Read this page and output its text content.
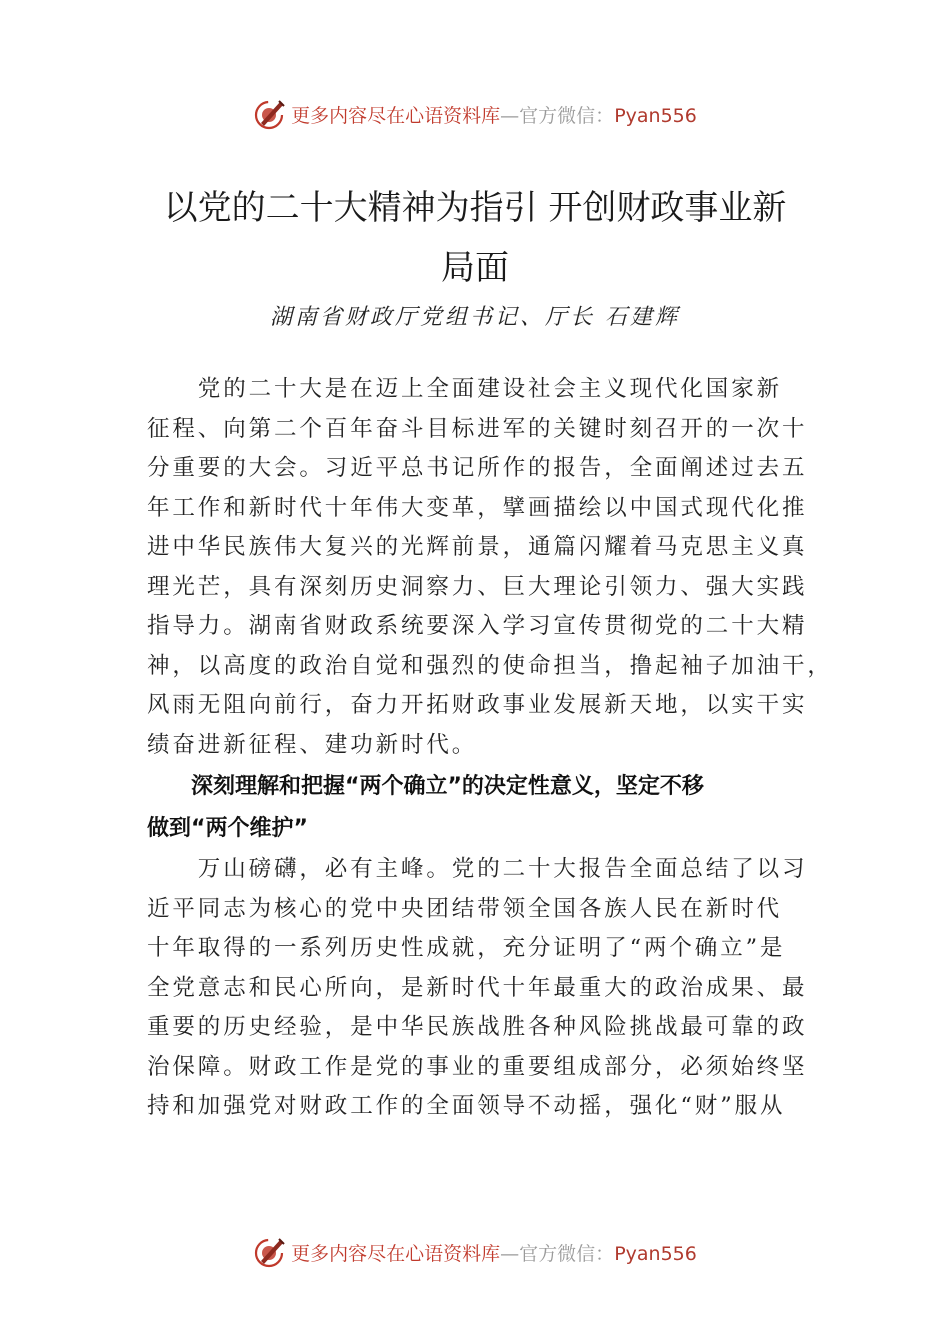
更多内容尽在心语资料库—官方微信：Pyan556
以党的二十大精神为指引 开创财政事业新
局面
湖南省财政厅党组书记、厅长 石建辉
　　党的二十大是在迈上全面建设社会主义现代化国家新
征程、向第二个百年奋斗目标进军的关键时刻召开的一次十
分重要的大会。习近平总书记所作的报告，全面阐述过去五
年工作和新时代十年伟大变革，擘画描绘以中国式现代化推
进中华民族伟大复兴的光辉前景，通篇闪耀着马克思主义真
理光芒，具有深刻历史洞察力、巨大理论引领力、强大实践
指导力。湖南省财政系统要深入学习宣传贯彻党的二十大精
神，以高度的政治自觉和强烈的使命担当，撸起袖子加油干，
风雨无阻向前行，奋力开拓财政事业发展新天地，以实干实
绩奋进新征程、建功新时代。
　　深刻理解和把握“两个确立”的决定性意义，坚定不移
做到“两个维护”
　　万山磅礴，必有主峰。党的二十大报告全面总结了以习
近平同志为核心的党中央团结带领全国各族人民在新时代
十年取得的一系列历史性成就，充分证明了“两个确立”是
全党意志和民心所向，是新时代十年最重大的政治成果、最
重要的历史经验，是中华民族战胜各种风险挑战最可靠的政
治保障。财政工作是党的事业的重要组成部分，必须始终坚
持和加强党对财政工作的全面领导不动摇，强化“财”服从
更多内容尽在心语资料库—官方微信：Pyan556
